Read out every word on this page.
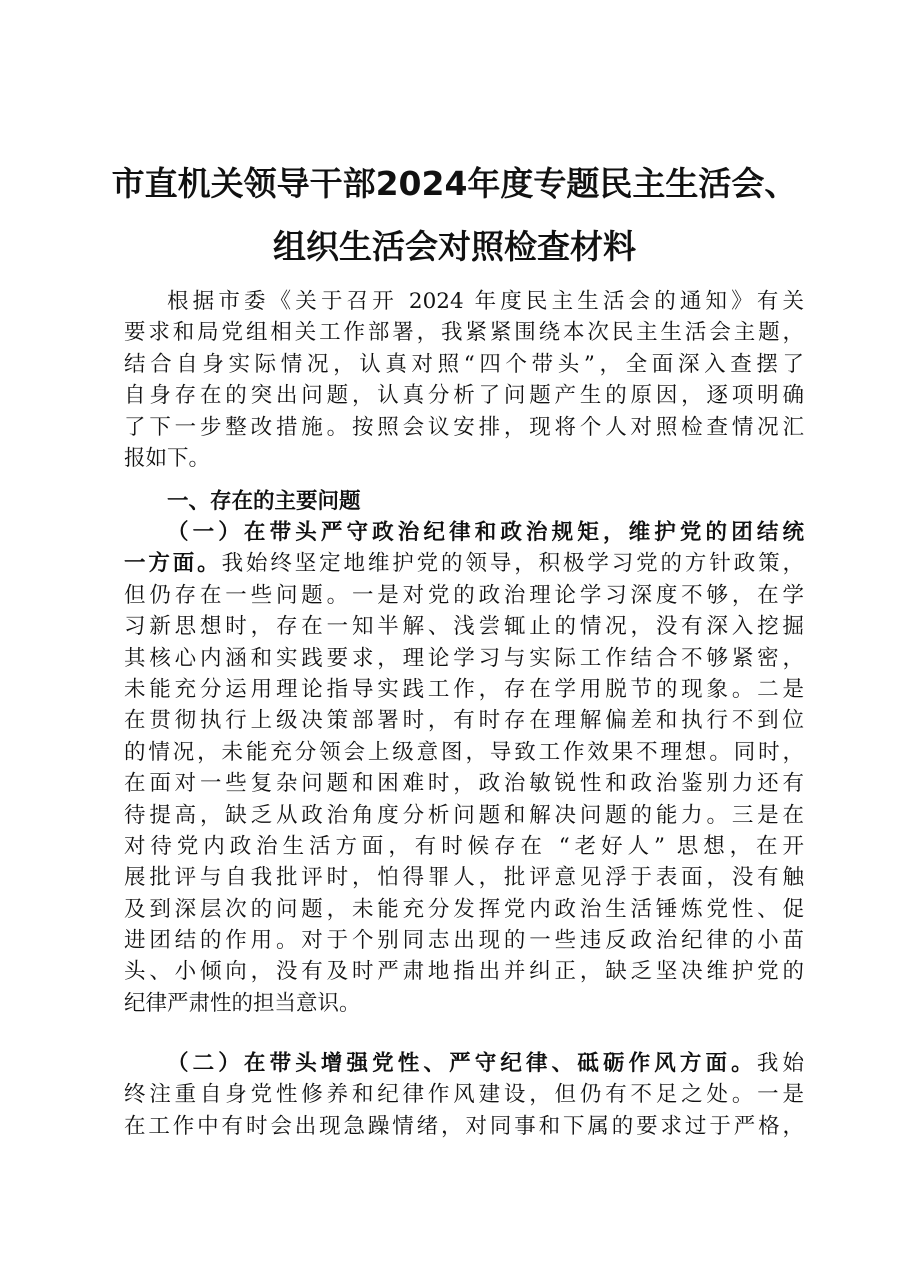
市直机关领导干部2024年度专题民主生活会、
组织生活会对照检查材料
根据市委《关于召开 2024 年度民主生活会的通知》有关
要求和局党组相关工作部署，我紧紧围绕本次民主生活会主题，
结合自身实际情况，认真对照“四个带头”，全面深入查摆了
自身存在的突出问题，认真分析了问题产生的原因，逐项明确
了下一步整改措施。按照会议安排，现将个人对照检查情况汇
报如下。
一、存在的主要问题
（一）在带头严守政治纪律和政治规矩，维护党的团结统
一方面。我始终坚定地维护党的领导，积极学习党的方针政策，
但仍存在一些问题。一是对党的政治理论学习深度不够，在学
习新思想时，存在一知半解、浅尝辄止的情况，没有深入挖掘
其核心内涵和实践要求，理论学习与实际工作结合不够紧密，
未能充分运用理论指导实践工作，存在学用脱节的现象。二是
在贯彻执行上级决策部署时，有时存在理解偏差和执行不到位
的情况，未能充分领会上级意图，导致工作效果不理想。同时，
在面对一些复杂问题和困难时，政治敏锐性和政治鉴别力还有
待提高，缺乏从政治角度分析问题和解决问题的能力。三是在
对待党内政治生活方面，有时候存在 “老好人” 思想，在开
展批评与自我批评时，怕得罪人，批评意见浮于表面，没有触
及到深层次的问题，未能充分发挥党内政治生活锤炼党性、促
进团结的作用。对于个别同志出现的一些违反政治纪律的小苗
头、小倾向，没有及时严肃地指出并纠正，缺乏坚决维护党的
纪律严肃性的担当意识。
（二）在带头增强党性、严守纪律、砥砺作风方面。我始
终注重自身党性修养和纪律作风建设，但仍有不足之处。一是
在工作中有时会出现急躁情绪，对同事和下属的要求过于严格，
